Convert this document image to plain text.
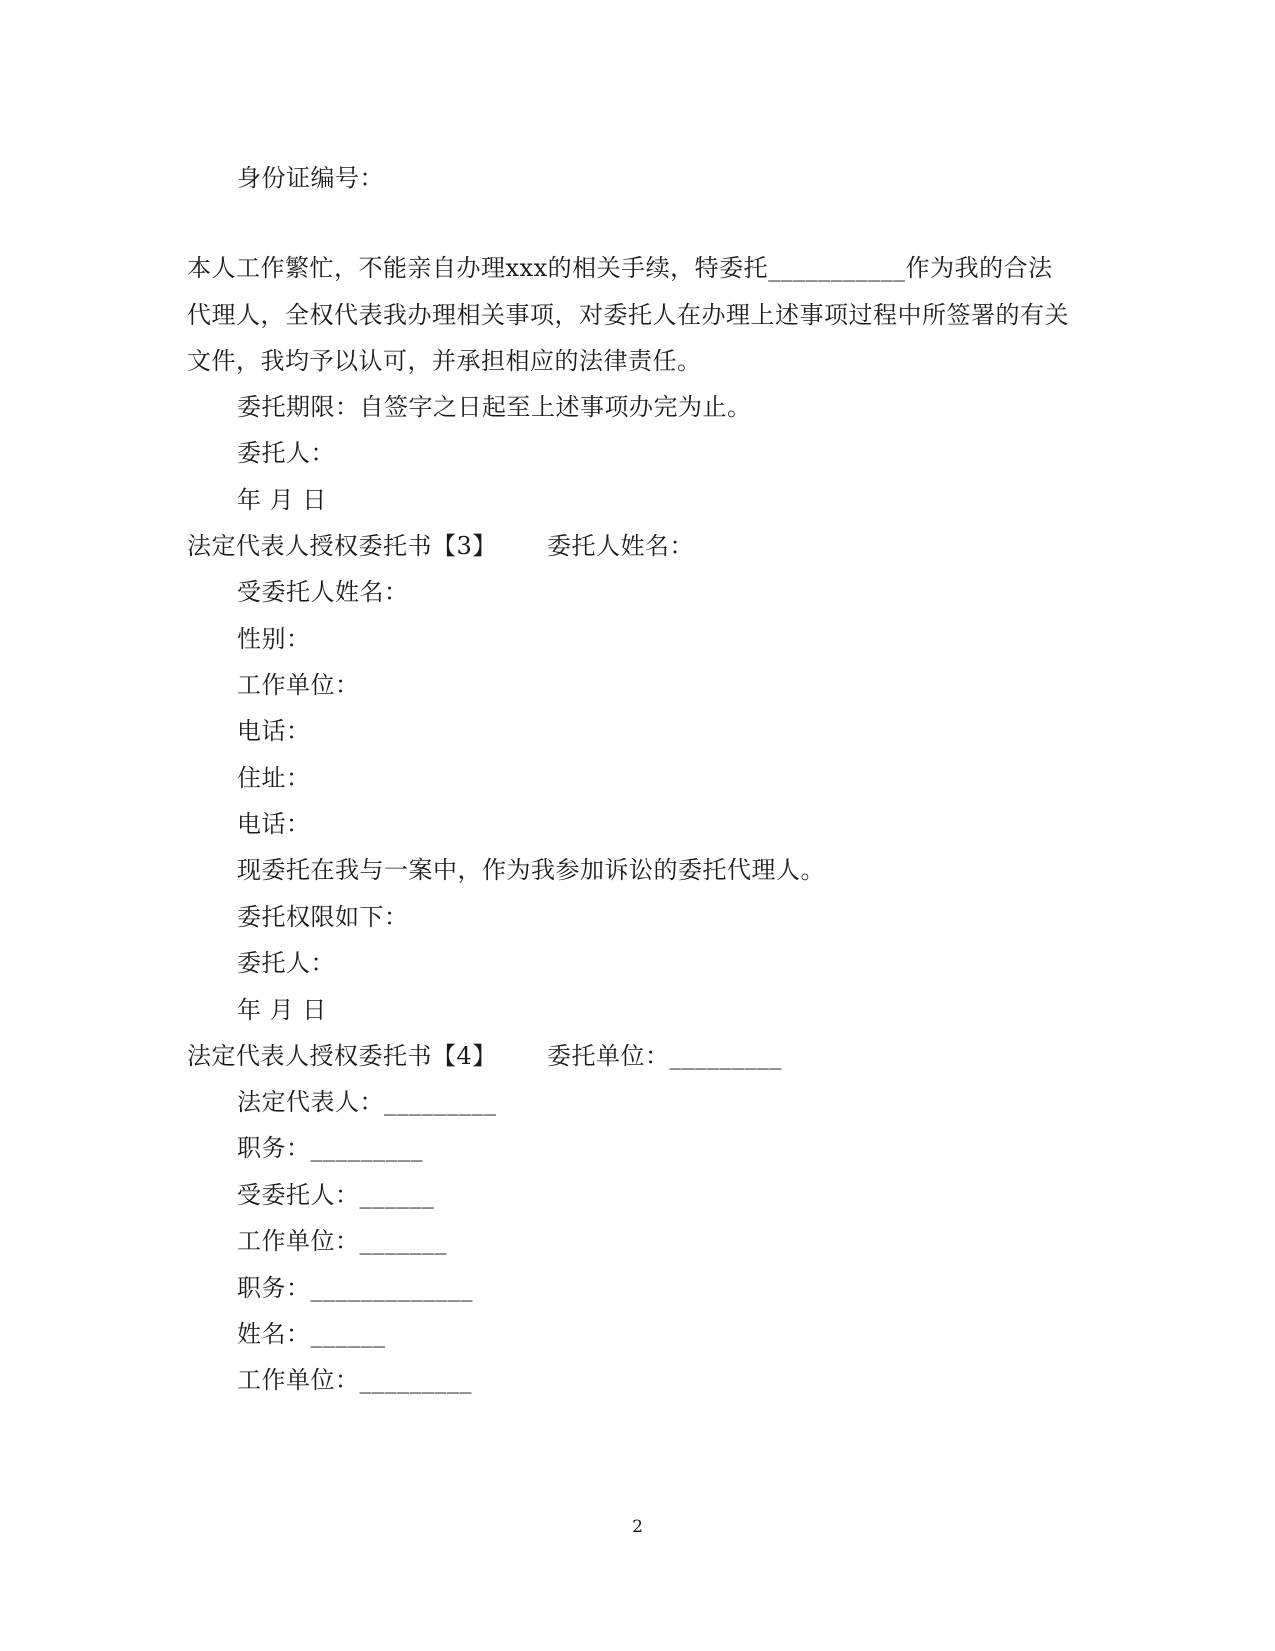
身份证编号：
本人工作繁忙，不能亲自办理xxx的相关手续，特委托___________作为我的合法
代理人，全权代表我办理相关事项，对委托人在办理上述事项过程中所签署的有关
文件，我均予以认可，并承担相应的法律责任。
委托期限：自签字之日起至上述事项办完为止。
委托人：
年 月 日
法定代表人授权委托书【3】 委托人姓名：
受委托人姓名：
性别：
工作单位：
电话：
住址：
电话：
现委托在我与一案中，作为我参加诉讼的委托代理人。
委托权限如下：
委托人：
年 月 日
法定代表人授权委托书【4】 委托单位：_________
法定代表人：_________
职务：_________
受委托人：______
工作单位：_______
职务：_____________
姓名：______
工作单位：_________
2
